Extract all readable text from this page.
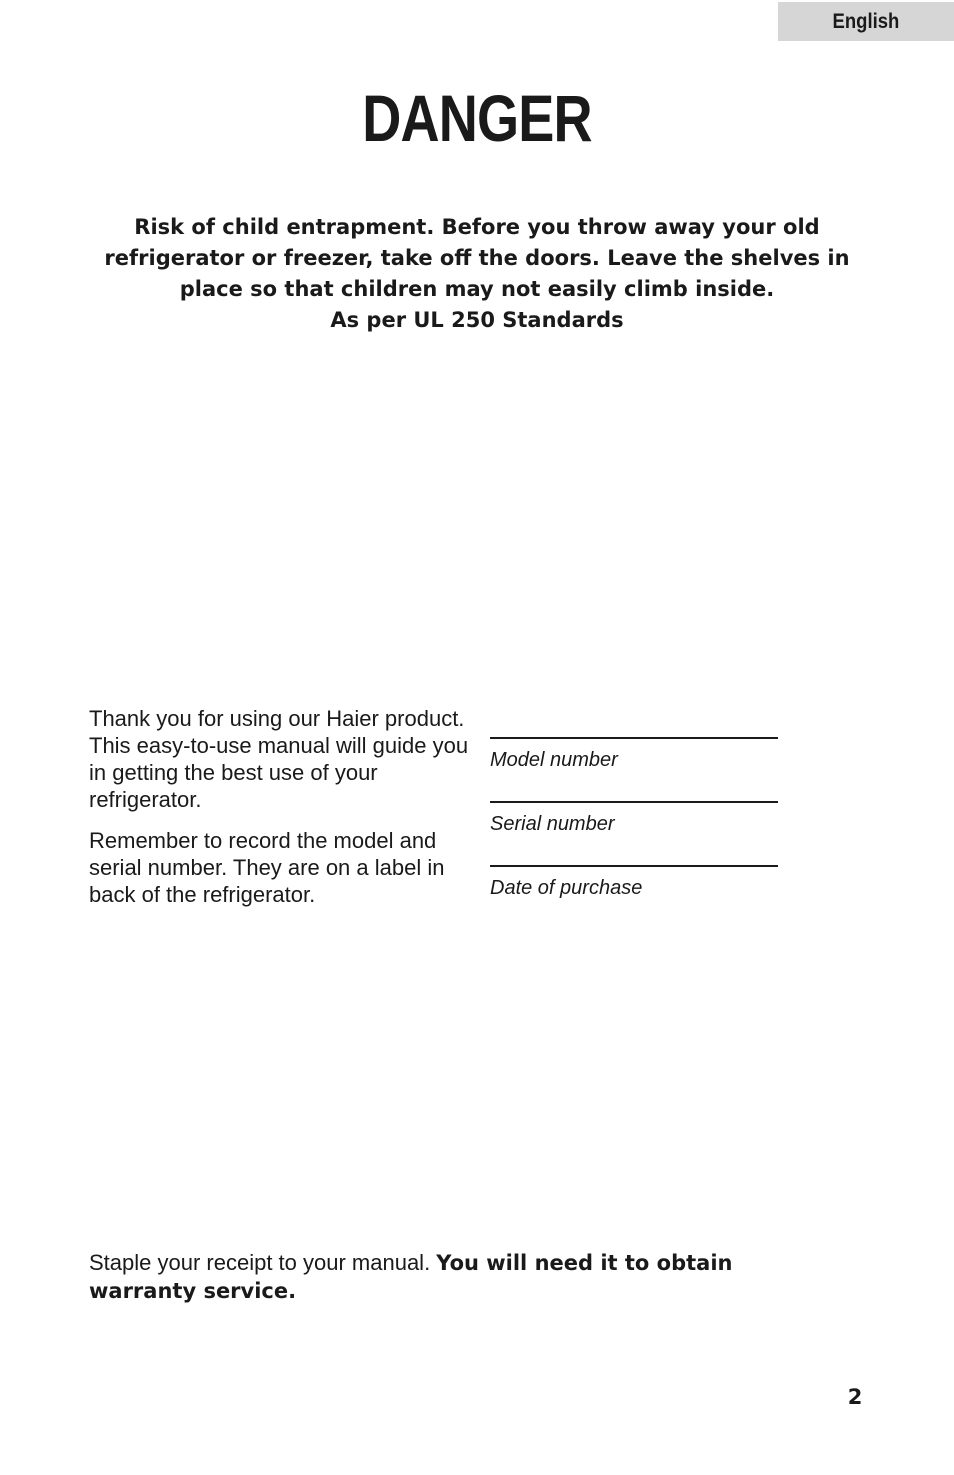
English
DANGER

Risk of child entrapment. Before you throw away your old

refrigerator or freezer, take off the doors. Leave the shelves in

place so that children may not easily climb inside.

As per UL 250 Standards

Thank you for using our Haier product. This easy-to-use manual will guide you in getting the best use of your refrigerator.

Remember to record the model and serial number. They are on a label in back of the refrigerator.

Model number
Serial number
Date of purchase
Staple your receipt to your manual. You will need it to obtain warranty service.
2
